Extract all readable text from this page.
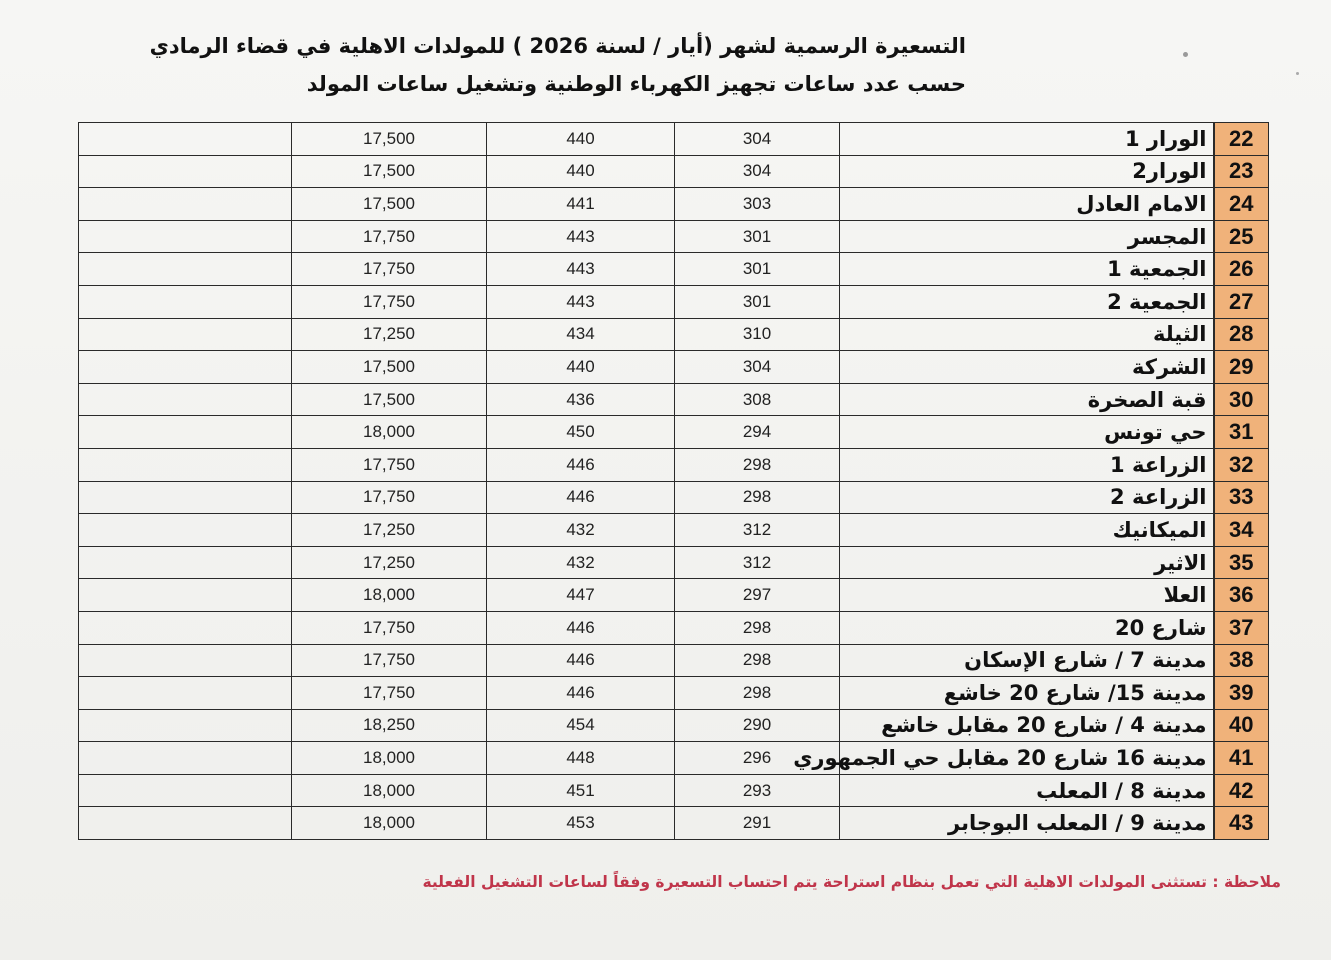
التسعيرة الرسمية لشهر (أيار / لسنة 2026 ) للمولدات الاهلية في قضاء الرمادي
حسب عدد ساعات تجهيز الكهرباء الوطنية وتشغيل ساعات المولد
	17,500	440	304	الورار 1	22
	17,500	440	304	الورار2	23
	17,500	441	303	الامام العادل	24
	17,750	443	301	المجسر	25
	17,750	443	301	الجمعية 1	26
	17,750	443	301	الجمعية 2	27
	17,250	434	310	الثيلة	28
	17,500	440	304	الشركة	29
	17,500	436	308	قبة الصخرة	30
	18,000	450	294	حي تونس	31
	17,750	446	298	الزراعة 1	32
	17,750	446	298	الزراعة 2	33
	17,250	432	312	الميكانيك	34
	17,250	432	312	الاثير	35
	18,000	447	297	العلا	36
	17,750	446	298	شارع 20	37
	17,750	446	298	مدينة 7 / شارع الإسكان	38
	17,750	446	298	مدينة 15/ شارع 20 خاشع	39
	18,250	454	290	مدينة 4 / شارع 20 مقابل خاشع	40
	18,000	448	296	مدينة 16 شارع 20 مقابل حي الجمهوري	41
	18,000	451	293	مدينة 8 / المعلب	42
	18,000	453	291	مدينة 9 / المعلب البوجابر	43
ملاحظة : تستثنى المولدات الاهلية التي تعمل بنظام استراحة يتم احتساب التسعيرة وفقاً لساعات التشغيل الفعلية
